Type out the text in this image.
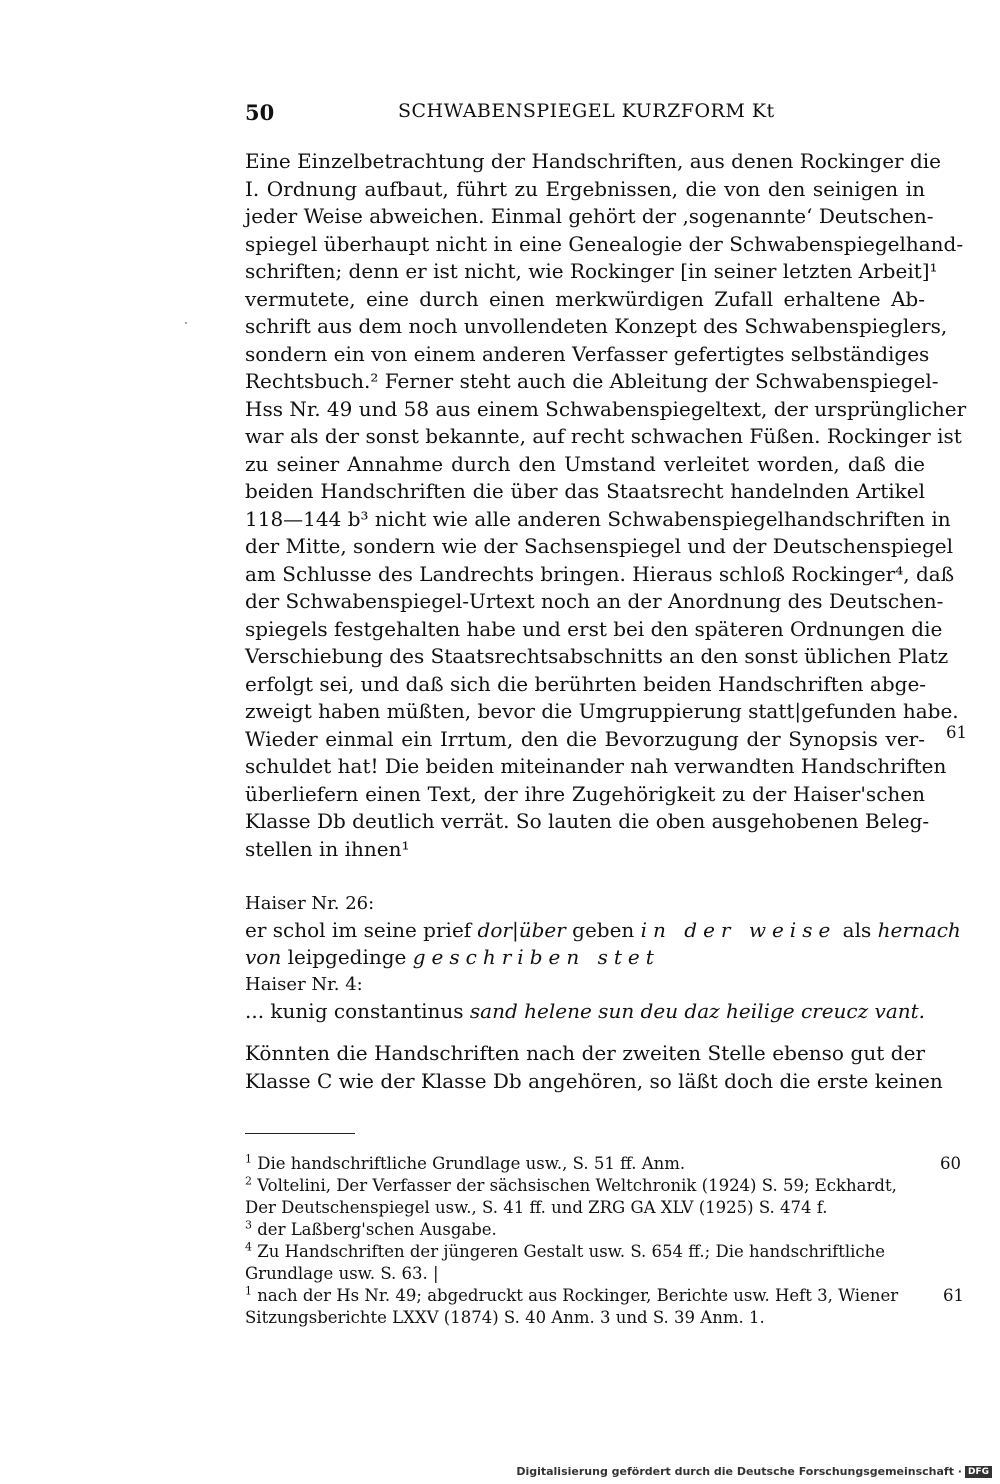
50	SCHWABENSPIEGEL KURZFORM Kt
Eine Einzelbetrachtung der Handschriften, aus denen Rockinger die
I. Ordnung aufbaut, führt zu Ergebnissen, die von den seinigen in
jeder Weise abweichen. Einmal gehört der ‚sogenannte‘ Deutschen-
spiegel überhaupt nicht in eine Genealogie der Schwabenspiegelhand-
schriften; denn er ist nicht, wie Rockinger [in seiner letzten Arbeit]¹
vermutete, eine durch einen merkwürdigen Zufall erhaltene Ab-
schrift aus dem noch unvollendeten Konzept des Schwabenspieglers,
sondern ein von einem anderen Verfasser gefertigtes selbständiges
Rechtsbuch.² Ferner steht auch die Ableitung der Schwabenspiegel-
Hss Nr. 49 und 58 aus einem Schwabenspiegeltext, der ursprünglicher
war als der sonst bekannte, auf recht schwachen Füßen. Rockinger ist
zu seiner Annahme durch den Umstand verleitet worden, daß die
beiden Handschriften die über das Staatsrecht handelnden Artikel
118—144 b³ nicht wie alle anderen Schwabenspiegelhandschriften in
der Mitte, sondern wie der Sachsenspiegel und der Deutschenspiegel
am Schlusse des Landrechts bringen. Hieraus schloß Rockinger⁴, daß
der Schwabenspiegel-Urtext noch an der Anordnung des Deutschen-
spiegels festgehalten habe und erst bei den späteren Ordnungen die
Verschiebung des Staatsrechtsabschnitts an den sonst üblichen Platz
erfolgt sei, und daß sich die berührten beiden Handschriften abge-
zweigt haben müßten, bevor die Umgruppierung statt|gefunden habe.
Wieder einmal ein Irrtum, den die Bevorzugung der Synopsis ver-
schuldet hat! Die beiden miteinander nah verwandten Handschriften
überliefern einen Text, der ihre Zugehörigkeit zu der Haiser'schen
Klasse Db deutlich verrät. So lauten die oben ausgehobenen Beleg-
stellen in ihnen¹
61
Haiser Nr. 26:
er schol im seine prief dor|über geben in der weise als hernach
von leipgedinge geschriben stet
Haiser Nr. 4:
... kunig constantinus sand helene sun deu daz heilige creucz vant.
Könnten die Handschriften nach der zweiten Stelle ebenso gut der
Klasse C wie der Klasse Db angehören, so läßt doch die erste keinen
$^1$ Die handschriftliche Grundlage usw., S. 51 ff. Anm.	60
$^2$ Voltelini, Der Verfasser der sächsischen Weltchronik (1924) S. 59; Eckhardt,
Der Deutschenspiegel usw., S. 41 ff. und ZRG GA XLV (1925) S. 474 f.
$^3$ der Laßberg'schen Ausgabe.
$^4$ Zu Handschriften der jüngeren Gestalt usw. S. 654 ff.; Die handschriftliche
Grundlage usw. S. 63. |
$^1$ nach der Hs Nr. 49; abgedruckt aus Rockinger, Berichte usw. Heft 3, Wiener	61
Sitzungsberichte LXXV (1874) S. 40 Anm. 3 und S. 39 Anm. 1.
Digitalisierung gefördert durch die Deutsche Forschungsgemeinschaft · DFG
